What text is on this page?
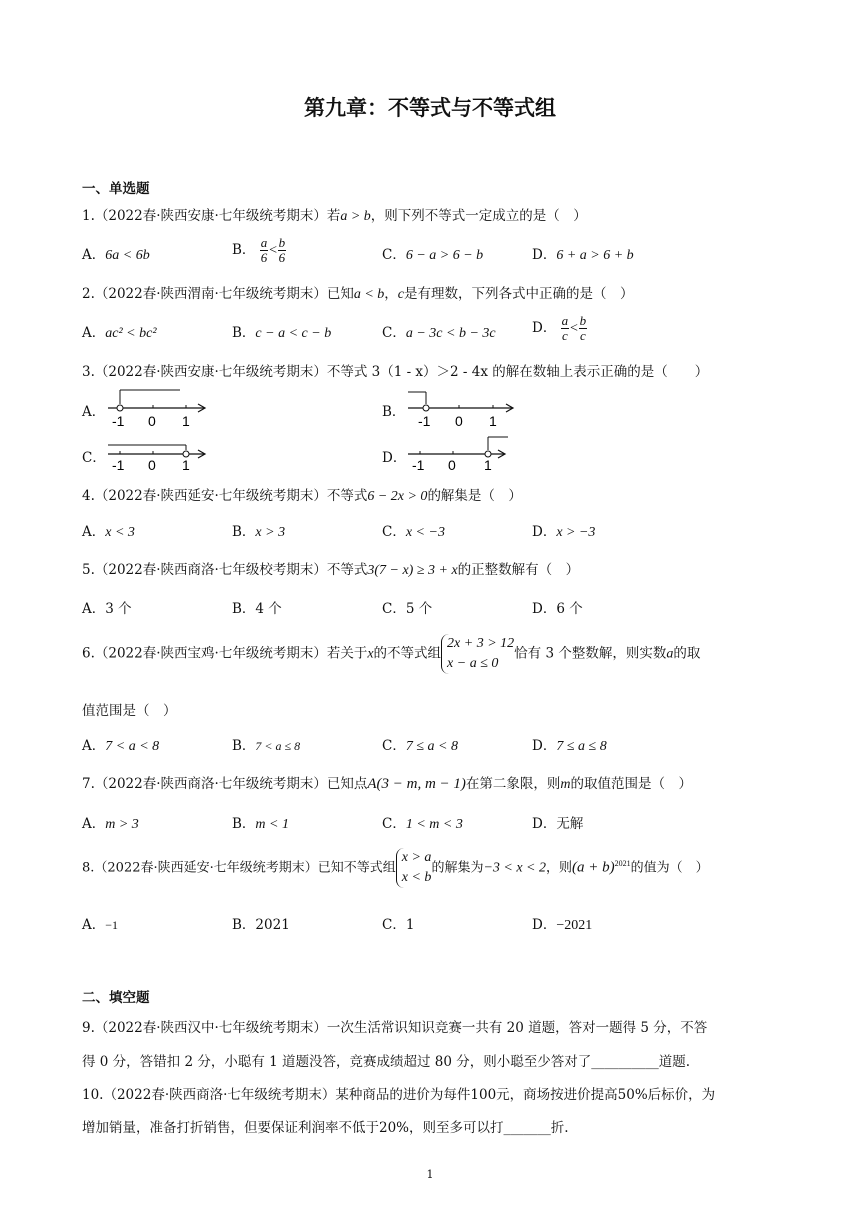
第九章：不等式与不等式组
一、单选题
1.（2022春·陕西安康·七年级统考期末）若a > b，则下列不等式一定成立的是（　）
A．6a < 6b	B． $\frac{a}{6} < \frac{b}{6}$	C．6 − a > 6 − b	D．6 + a > 6 + b
2.（2022春·陕西渭南·七年级统考期末）已知a < b，c是有理数，下列各式中正确的是（　）
A．ac² < bc²	B．c − a < c − b	C．a − 3c < b − 3c	D． $\frac{a}{c} < \frac{b}{c}$
3.（2022春·陕西安康·七年级统考期末）不等式 3（1 - x）＞2 - 4x 的解在数轴上表示正确的是（　　）
A．
-1 0 1
B．
-1 0 1
C． -1 0 1	D． -1 0 1
4.（2022春·陕西延安·七年级统考期末）不等式6 − 2x > 0的解集是（　）
A．x < 3	B．x > 3	C．x < −3	D．x > −3
5.（2022春·陕西商洛·七年级校考期末）不等式3(7 − x) ≥ 3 + x的正整数解有（　）
A．3 个	B．4 个	C．5 个	D．6 个
6.（2022春·陕西宝鸡·七年级统考期末）若关于x的不等式组
2x + 3 > 12
x − a ≤ 0
恰有 3 个整数解，则实数a的取
值范围是（　）
A．7 < a < 8	B．7 < a ≤ 8	C．7 ≤ a < 8	D．7 ≤ a ≤ 8
7.（2022春·陕西商洛·七年级统考期末）已知点A(3 − m, m − 1)在第二象限，则m的取值范围是（　）
A．m > 3	B．m < 1	C．1 < m < 3	D．无解
8.（2022春·陕西延安·七年级统考期末）已知不等式组
x > a
x < b
的解集为−3 < x < 2，则$(a + b)^{2021}$的值为（　）
A．−1	B．2021	C．1	D．−2021
二、填空题
9.（2022春·陕西汉中·七年级统考期末）一次生活常识知识竞赛一共有 20 道题，答对一题得 5 分，不答
得 0 分，答错扣 2 分，小聪有 1 道题没答，竞赛成绩超过 80 分，则小聪至少答对了__________道题.
10.（2022春·陕西商洛·七年级统考期末）某种商品的进价为每件100元，商场按进价提高50%后标价，为
增加销量，准备打折销售，但要保证利润率不低于20%，则至多可以打_______折.
1
